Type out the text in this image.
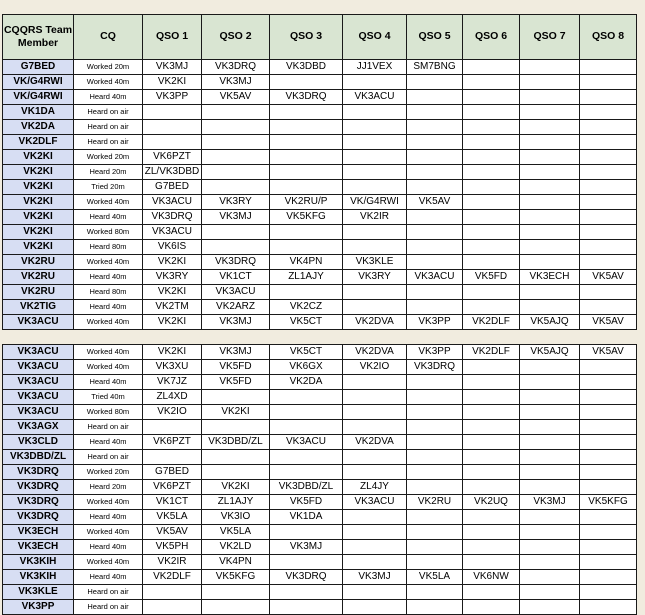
CQQRS Team Member	CQ	QSO 1	QSO 2	QSO 3	QSO 4	QSO 5	QSO 6	QSO 7	QSO 8
G7BED	Worked 20m	VK3MJ	VK3DRQ	VK3DBD	JJ1VEX	SM7BNG			
VK/G4RWI	Worked 40m	VK2KI	VK3MJ						
VK/G4RWI	Heard 40m	VK3PP	VK5AV	VK3DRQ	VK3ACU				
VK1DA	Heard on air								
VK2DA	Heard on air								
VK2DLF	Heard on air								
VK2KI	Worked 20m	VK6PZT							
VK2KI	Heard 20m	ZL/VK3DBD							
VK2KI	Tried 20m	G7BED							
VK2KI	Worked 40m	VK3ACU	VK3RY	VK2RU/P	VK/G4RWI	VK5AV			
VK2KI	Heard 40m	VK3DRQ	VK3MJ	VK5KFG	VK2IR				
VK2KI	Worked 80m	VK3ACU							
VK2KI	Heard 80m	VK6IS							
VK2RU	Worked 40m	VK2KI	VK3DRQ	VK4PN	VK3KLE				
VK2RU	Heard 40m	VK3RY	VK1CT	ZL1AJY	VK3RY	VK3ACU	VK5FD	VK3ECH	VK5AV
VK2RU	Heard 80m	VK2KI	VK3ACU						
VK2TIG	Heard 40m	VK2TM	VK2ARZ	VK2CZ					
VK3ACU	Worked 40m	VK2KI	VK3MJ	VK5CT	VK2DVA	VK3PP	VK2DLF	VK5AJQ	VK5AV
VK3ACU	Worked 40m	VK2KI	VK3MJ	VK5CT	VK2DVA	VK3PP	VK2DLF	VK5AJQ	VK5AV
VK3ACU	Worked 40m	VK3XU	VK5FD	VK6GX	VK2IO	VK3DRQ			
VK3ACU	Heard 40m	VK7JZ	VK5FD	VK2DA					
VK3ACU	Tried 40m	ZL4XD							
VK3ACU	Worked 80m	VK2IO	VK2KI						
VK3AGX	Heard on air								
VK3CLD	Heard 40m	VK6PZT	VK3DBD/ZL	VK3ACU	VK2DVA				
VK3DBD/ZL	Heard on air								
VK3DRQ	Worked 20m	G7BED							
VK3DRQ	Heard 20m	VK6PZT	VK2KI	VK3DBD/ZL	ZL4JY				
VK3DRQ	Worked 40m	VK1CT	ZL1AJY	VK5FD	VK3ACU	VK2RU	VK2UQ	VK3MJ	VK5KFG
VK3DRQ	Heard 40m	VK5LA	VK3IO	VK1DA					
VK3ECH	Worked 40m	VK5AV	VK5LA						
VK3ECH	Heard 40m	VK5PH	VK2LD	VK3MJ					
VK3KIH	Worked 40m	VK2IR	VK4PN						
VK3KIH	Heard 40m	VK2DLF	VK5KFG	VK3DRQ	VK3MJ	VK5LA	VK6NW		
VK3KLE	Heard on air								
VK3PP	Heard on air								
